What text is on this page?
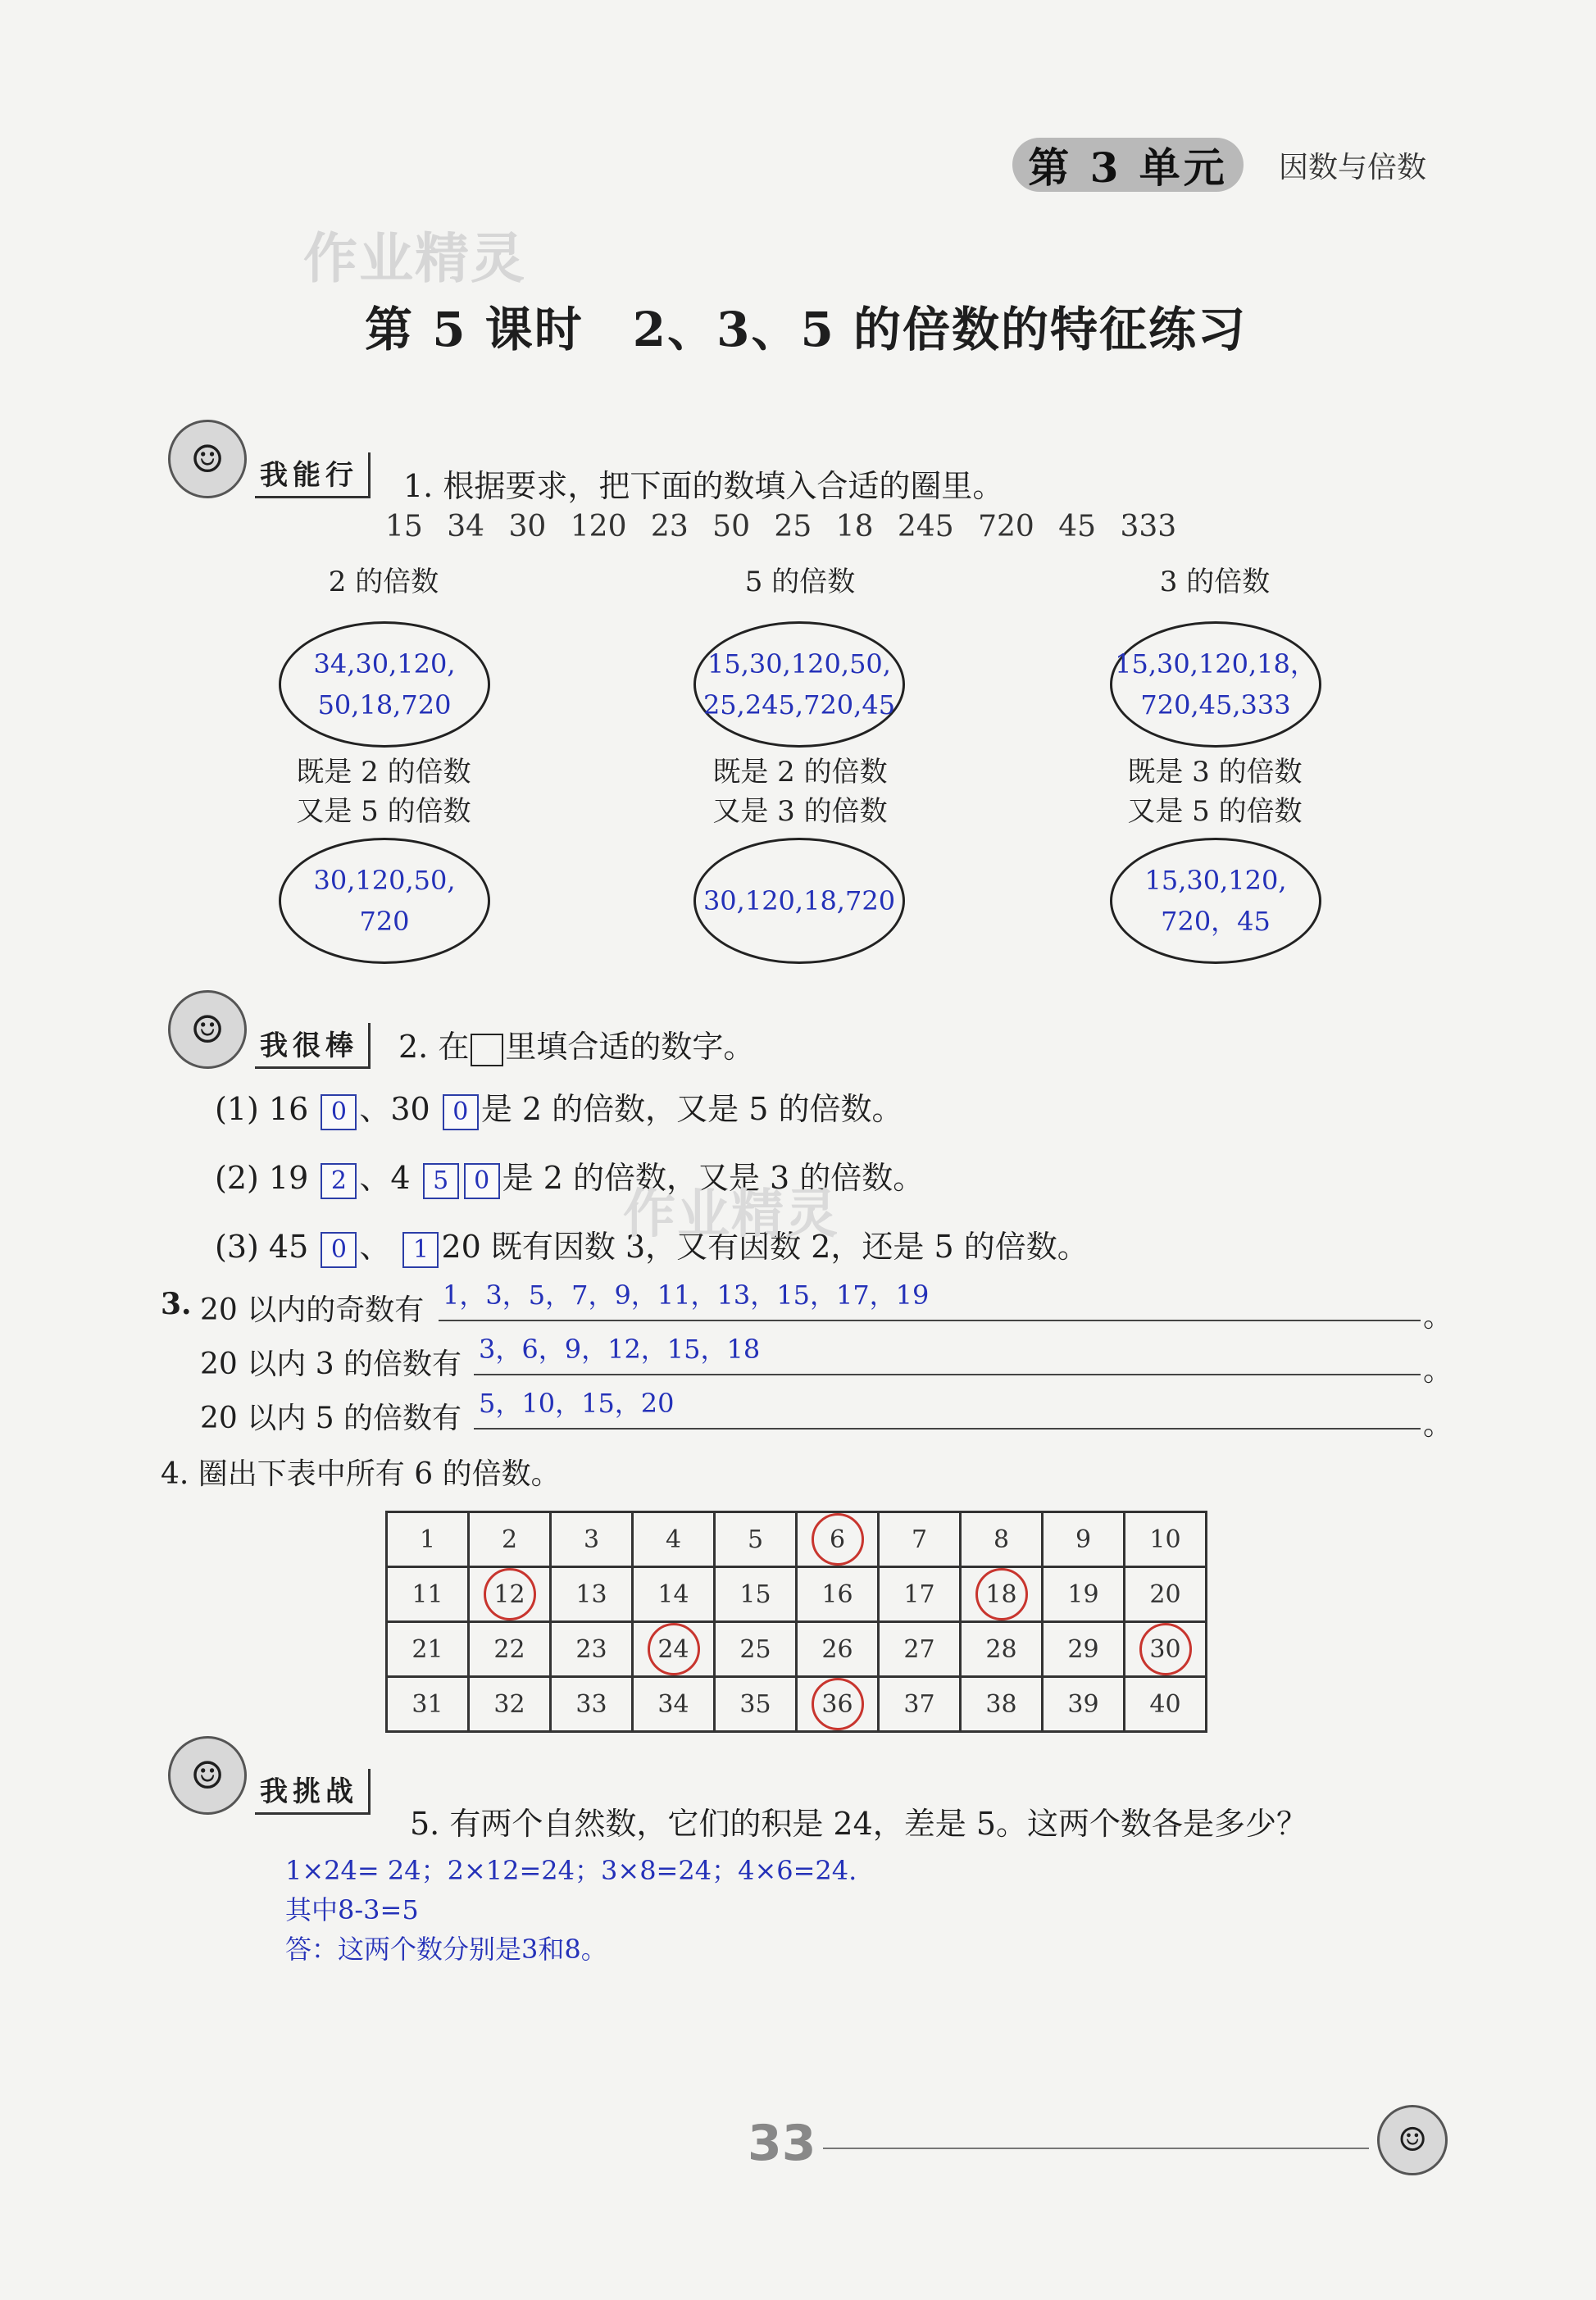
第 3 单元	因数与倍数
作业精灵
第 5 课时　2、3、5 的倍数的特征练习
☺	我能行	1. 根据要求，把下面的数填入合适的圈里。
15 34 30 120 23 50 25 18 245 720 45 333
2 的倍数
34,30,120,
50,18,720
5 的倍数
15,30,120,50,
25,245,720,45
3 的倍数
15,30,120,18，
720,45,333
既是 2 的倍数
又是 5 的倍数
30,120,50,
720
既是 2 的倍数
又是 3 的倍数
30,120,18,720
既是 3 的倍数
又是 5 的倍数
15,30,120,
720，45
☺	我很棒	2. 在 里填合适的数字。
(1) 16 0 、30 0 是 2 的倍数，又是 5 的倍数。
(2) 19 2 、4 5 0 是 2 的倍数，又是 3 的倍数。
(3) 45 0 、 1 20 既有因数 3，又有因数 2，还是 5 的倍数。
作业精灵
3. 20 以内的奇数有 1，3，5，7，9，11，13，15，17，19
。
20 以内 3 的倍数有 3，6，9，12，15，18
。
20 以内 5 的倍数有 5，10，15，20
。
4. 圈出下表中所有 6 的倍数。
1	2	3	4	5	6	7	8	9	10
11	12	13	14	15	16	17	18	19	20
21	22	23	24	25	26	27	28	29	30
31	32	33	34	35	36	37	38	39	40
☺	我挑战
5. 有两个自然数，它们的积是 24，差是 5。这两个数各是多少？
1×24= 24；2×12=24；3×8=24；4×6=24.
其中8-3=5
答：这两个数分别是3和8。
33	☺
